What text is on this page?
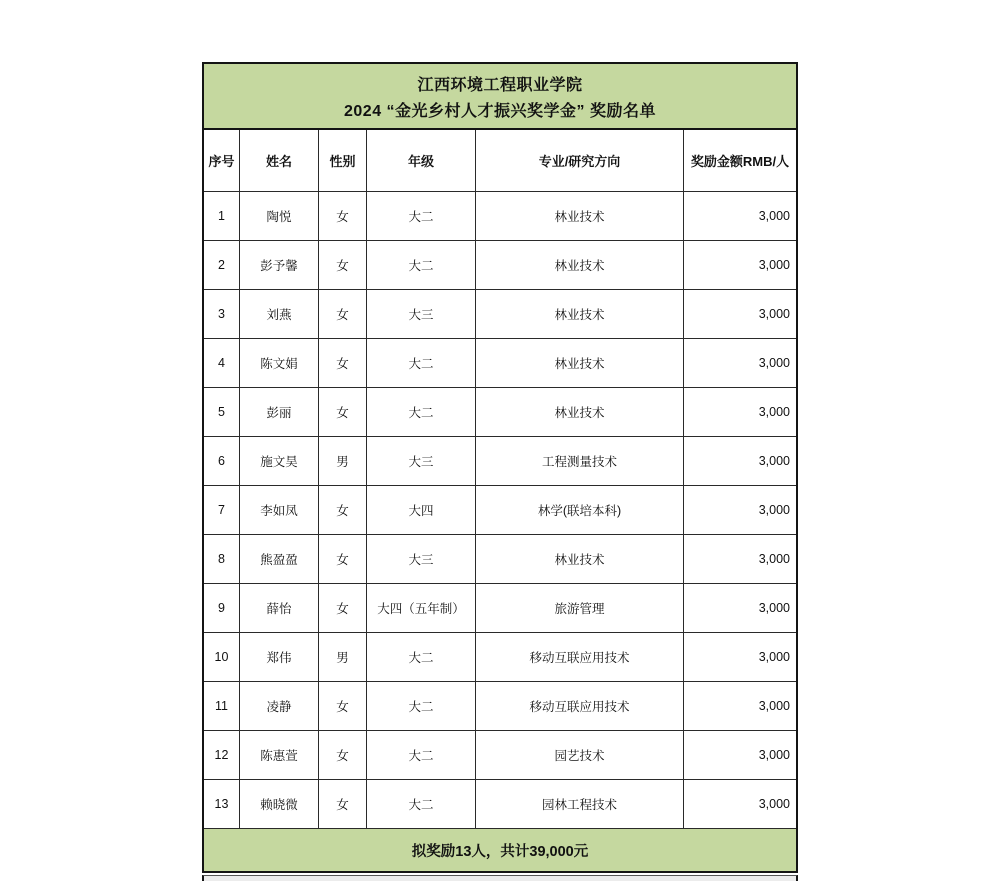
江西环境工程职业学院
2024 “金光乡村人才振兴奖学金” 奖励名单
序号	姓名	性别	年级	专业/研究方向	奖励金额RMB/人
1	陶悦	女	大二	林业技术	3,000
2	彭予馨	女	大二	林业技术	3,000
3	刘燕	女	大三	林业技术	3,000
4	陈文娟	女	大二	林业技术	3,000
5	彭丽	女	大二	林业技术	3,000
6	施文昊	男	大三	工程测量技术	3,000
7	李如凤	女	大四	林学(联培本科)	3,000
8	熊盈盈	女	大三	林业技术	3,000
9	薛怡	女	大四（五年制）	旅游管理	3,000
10	郑伟	男	大二	移动互联应用技术	3,000
11	凌静	女	大二	移动互联应用技术	3,000
12	陈惠萱	女	大二	园艺技术	3,000
13	赖晓微	女	大二	园林工程技术	3,000
拟奖励13人，共计39,000元
